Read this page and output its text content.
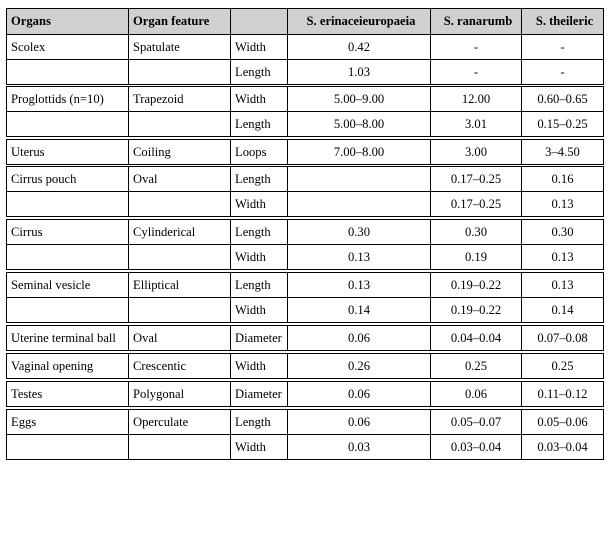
Organs	Organ feature		S. erinaceieuropaeia	S. ranarumb	S. theileric
Scolex	Spatulate	Width	0.42	-	-
		Length	1.03	-	-
Proglottids (n=10)	Trapezoid	Width	5.00–9.00	12.00	0.60–0.65
		Length	5.00–8.00	3.01	0.15–0.25
Uterus	Coiling	Loops	7.00–8.00	3.00	3–4.50
Cirrus pouch	Oval	Length		0.17–0.25	0.16
		Width		0.17–0.25	0.13
Cirrus	Cylinderical	Length	0.30	0.30	0.30
		Width	0.13	0.19	0.13
Seminal vesicle	Elliptical	Length	0.13	0.19–0.22	0.13
		Width	0.14	0.19–0.22	0.14
Uterine terminal ball	Oval	Diameter	0.06	0.04–0.04	0.07–0.08
Vaginal opening	Crescentic	Width	0.26	0.25	0.25
Testes	Polygonal	Diameter	0.06	0.06	0.11–0.12
Eggs	Operculate	Length	0.06	0.05–0.07	0.05–0.06
		Width	0.03	0.03–0.04	0.03–0.04
